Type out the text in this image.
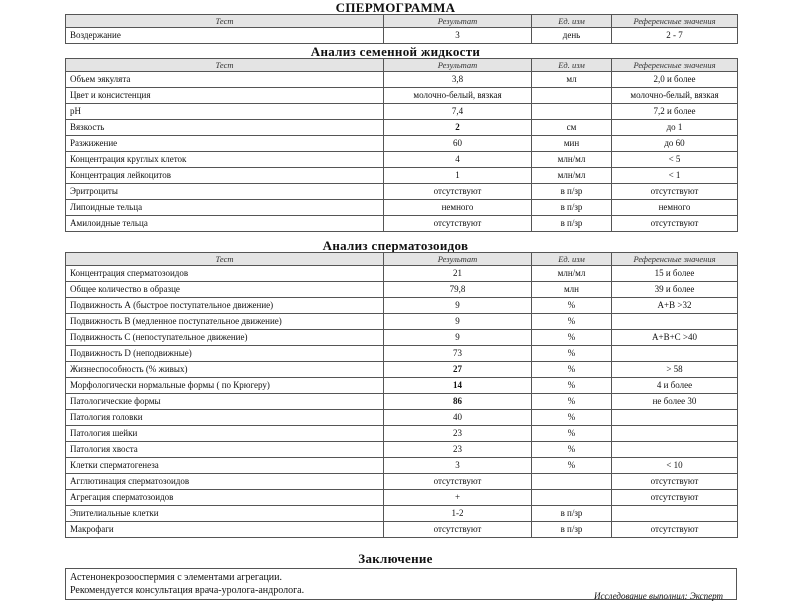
СПЕРМОГРАММА
Тест	Результат	Ед. изм	Референсные значения
Воздержание	3	день	2 - 7
Анализ семенной жидкости
Тест	Результат	Ед. изм	Референсные значения
Объем эякулята	3,8	мл	2,0 и более
Цвет и консистенция	молочно-белый, вязкая		молочно-белый, вязкая
pH	7,4		7,2 и более
Вязкость	2	см	до 1
Разжижение	60	мин	до 60
Концентрация круглых клеток	4	млн/мл	< 5
Концентрация лейкоцитов	1	млн/мл	< 1
Эритроциты	отсутствуют	в п/зр	отсутствуют
Липоидные тельца	немного	в п/зр	немного
Амилоидные тельца	отсутствуют	в п/зр	отсутствуют
Анализ сперматозоидов
Тест	Результат	Ед. изм	Референсные значения
Концентрация сперматозоидов	21	млн/мл	15 и более
Общее количество в образце	79,8	млн	39 и более
Подвижность А (быстрое поступательное движение)	9	%	A+B >32
Подвижность В (медленное поступательное движение)	9	%	
Подвижность С (непоступательное движение)	9	%	A+B+C >40
Подвижность D (неподвижные)	73	%	
Жизнеспособность (% живых)	27	%	> 58
Морфологически нормальные формы ( по Крюгеру)	14	%	4 и более
Патологические формы	86	%	не более 30
Патология головки	40	%	
Патология шейки	23	%	
Патология хвоста	23	%	
Клетки сперматогенеза	3	%	< 10
Агглютинация сперматозоидов	отсутствуют		отсутствуют
Агрегация сперматозоидов	+		отсутствуют
Эпителиальные клетки	1-2	в п/зр	
Макрофаги	отсутствуют	в п/зр	отсутствуют
Заключение
Астенонекрозооспермия с элементами агрегации.
Рекомендуется консультация врача-уролога-андролога.	Исследование выполнил: Эксперт
